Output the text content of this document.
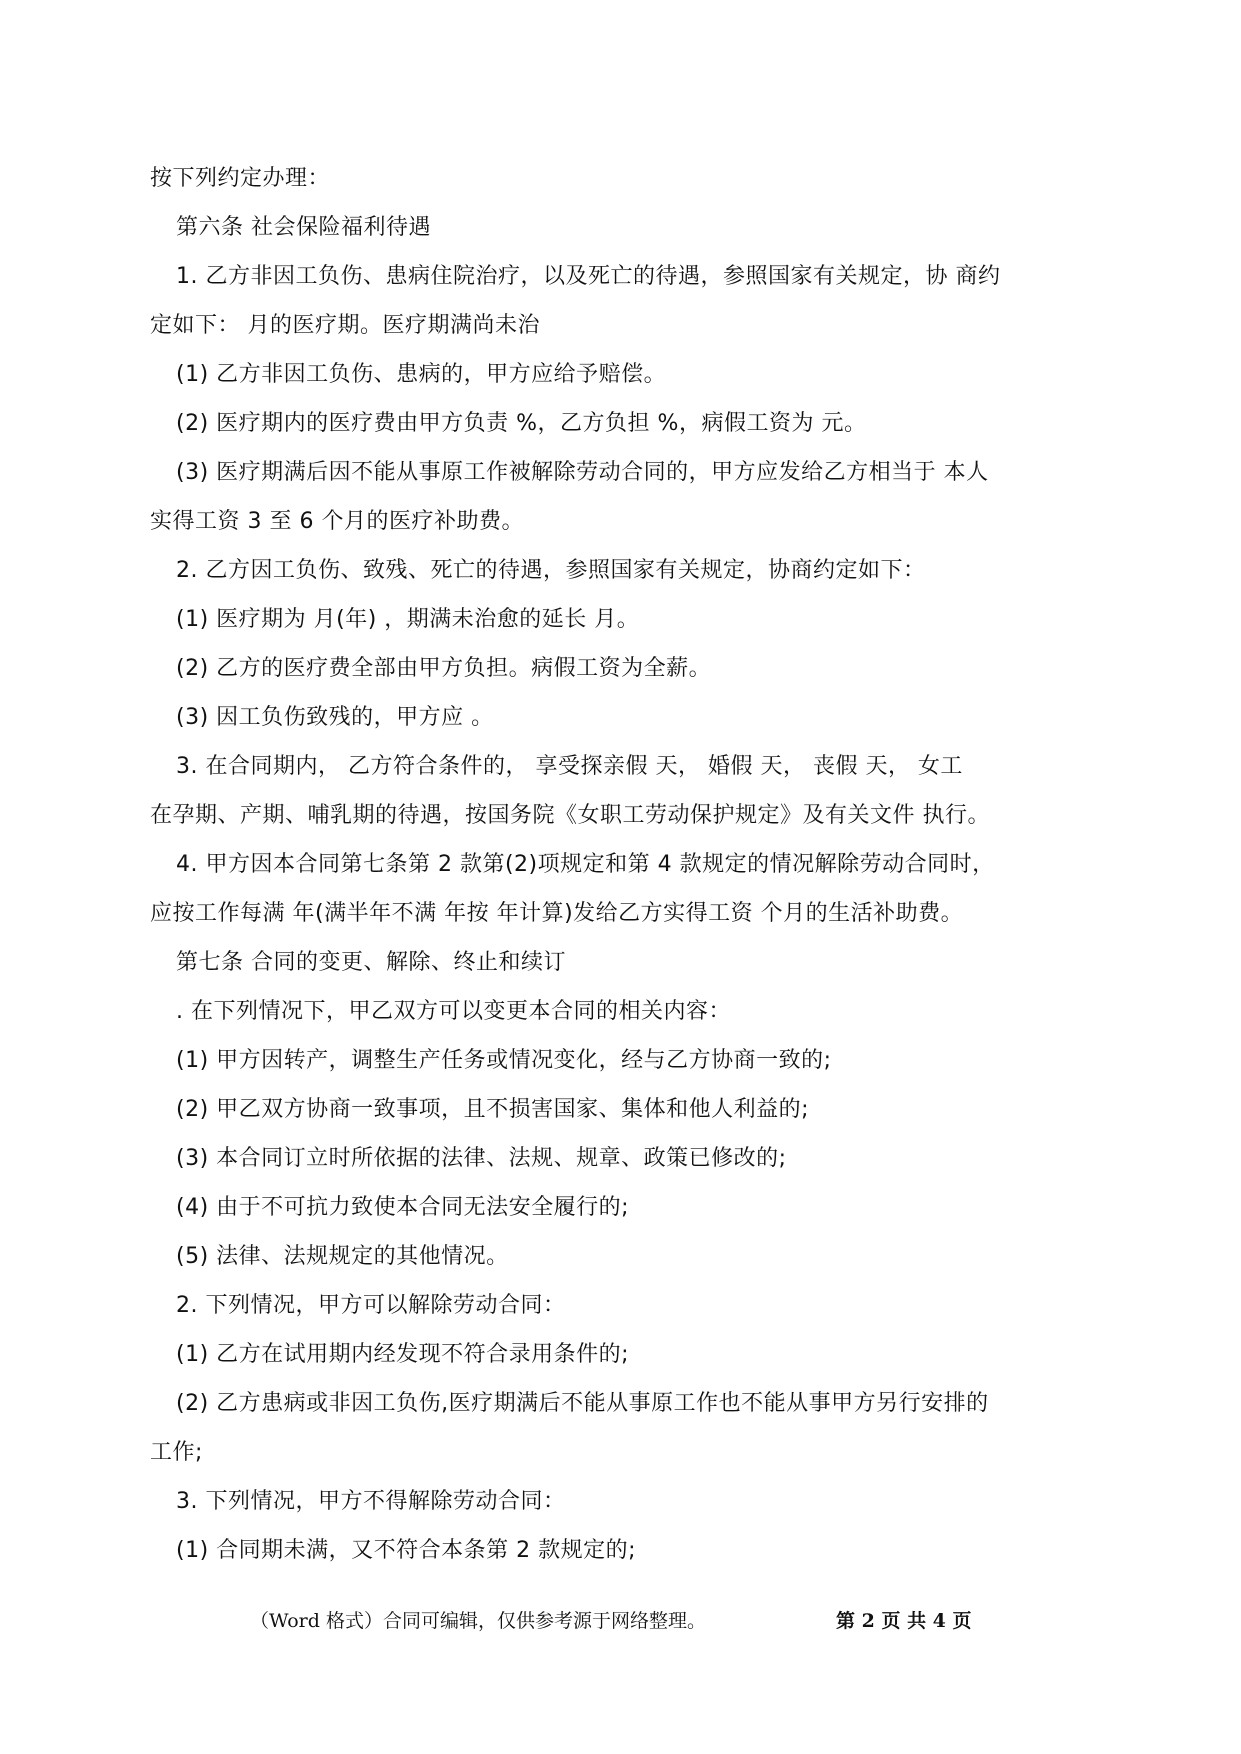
按下列约定办理：
第六条 社会保险福利待遇
1. 乙方非因工负伤、患病住院治疗，以及死亡的待遇，参照国家有关规定，协 商约
定如下： 月的医疗期。医疗期满尚未治
(1) 乙方非因工负伤、患病的，甲方应给予赔偿。
(2) 医疗期内的医疗费由甲方负责 %，乙方负担 %，病假工资为 元。
(3) 医疗期满后因不能从事原工作被解除劳动合同的，甲方应发给乙方相当于 本人
实得工资 3 至 6 个月的医疗补助费。
2. 乙方因工负伤、致残、死亡的待遇，参照国家有关规定，协商约定如下：
(1) 医疗期为 月(年) ，期满未治愈的延长 月。
(2) 乙方的医疗费全部由甲方负担。病假工资为全薪。
(3) 因工负伤致残的，甲方应 。
3. 在合同期内， 乙方符合条件的， 享受探亲假 天， 婚假 天， 丧假 天， 女工
在孕期、产期、哺乳期的待遇，按国务院《女职工劳动保护规定》及有关文件 执行。
4. 甲方因本合同第七条第 2 款第(2)项规定和第 4 款规定的情况解除劳动合同时，
应按工作每满 年(满半年不满 年按 年计算)发给乙方实得工资 个月的生活补助费。
第七条 合同的变更、解除、终止和续订
. 在下列情况下，甲乙双方可以变更本合同的相关内容：
(1) 甲方因转产，调整生产任务或情况变化，经与乙方协商一致的;
(2) 甲乙双方协商一致事项，且不损害国家、集体和他人利益的;
(3) 本合同订立时所依据的法律、法规、规章、政策已修改的;
(4) 由于不可抗力致使本合同无法安全履行的;
(5) 法律、法规规定的其他情况。
2. 下列情况，甲方可以解除劳动合同：
(1) 乙方在试用期内经发现不符合录用条件的;
(2) 乙方患病或非因工负伤,医疗期满后不能从事原工作也不能从事甲方另行安排的
工作;
3. 下列情况，甲方不得解除劳动合同：
(1) 合同期未满，又不符合本条第 2 款规定的;
（Word 格式）合同可编辑，仅供参考源于网络整理。	第 2 页 共 4 页
